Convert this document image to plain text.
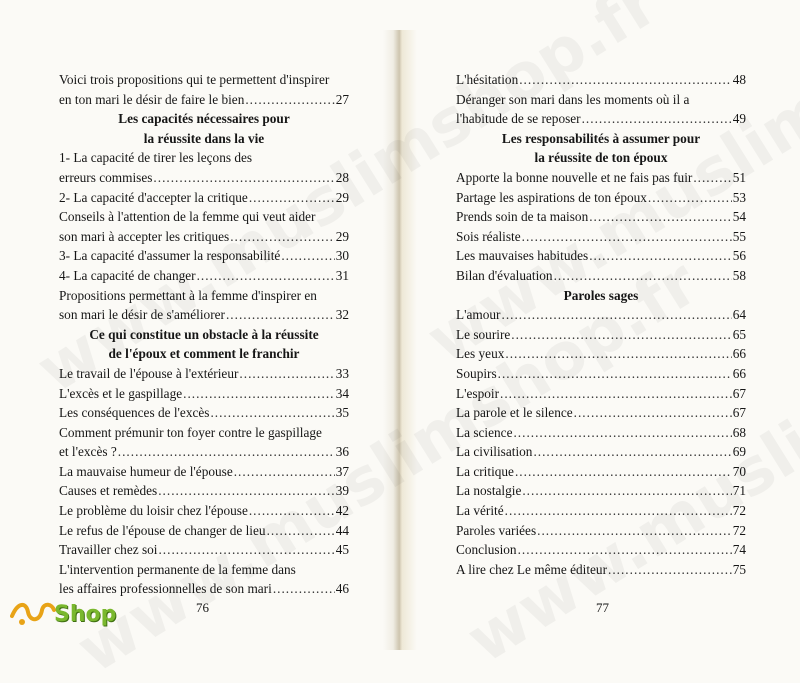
Voici trois propositions qui te permettent d'inspirer
en ton mari le désir de faire le bien .....	27
Les capacités nécessaires pour
la réussite dans la vie
1- La capacité de tirer les leçons des
erreurs commises .....	28
2- La capacité d'accepter la critique .....	29
Conseils à l'attention de la femme qui veut aider
son mari à accepter les critiques .....	29
3- La capacité d'assumer la responsabilité .....	30
4- La capacité de changer .....	31
Propositions permettant à la femme d'inspirer en
son mari le désir de s'améliorer .....	32
Ce qui constitue un obstacle à la réussite
de l'époux et comment le franchir
Le travail de l'épouse à l'extérieur .....	33
L'excès et le gaspillage .....	34
Les conséquences de l'excès .....	35
Comment prémunir ton foyer contre le gaspillage
et l'excès ? .....	36
La mauvaise humeur de l'épouse .....	37
Causes et remèdes .....	39
Le problème du loisir chez l'épouse .....	42
Le refus de l'épouse de changer de lieu .....	44
Travailler chez soi .....	45
L'intervention permanente de la femme dans
les affaires professionnelles de son mari .....	46
L'hésitation .....	48
Déranger son mari dans les moments où il a
l'habitude de se reposer .....	49
Les responsabilités à assumer pour
la réussite de ton époux
Apporte la bonne nouvelle et ne fais pas fuir .....	51
Partage les aspirations de ton époux .....	53
Prends soin de ta maison .....	54
Sois réaliste .....	55
Les mauvaises habitudes .....	56
Bilan d'évaluation .....	58
Paroles sages
L'amour .....	64
Le sourire .....	65
Les yeux .....	66
Soupirs .....	66
L'espoir .....	67
La parole et le silence .....	67
La science .....	68
La civilisation .....	69
La critique .....	70
La nostalgie .....	71
La vérité .....	72
Paroles variées .....	72
Conclusion .....	74
A lire chez Le même éditeur .....	75
76	77
Shop
